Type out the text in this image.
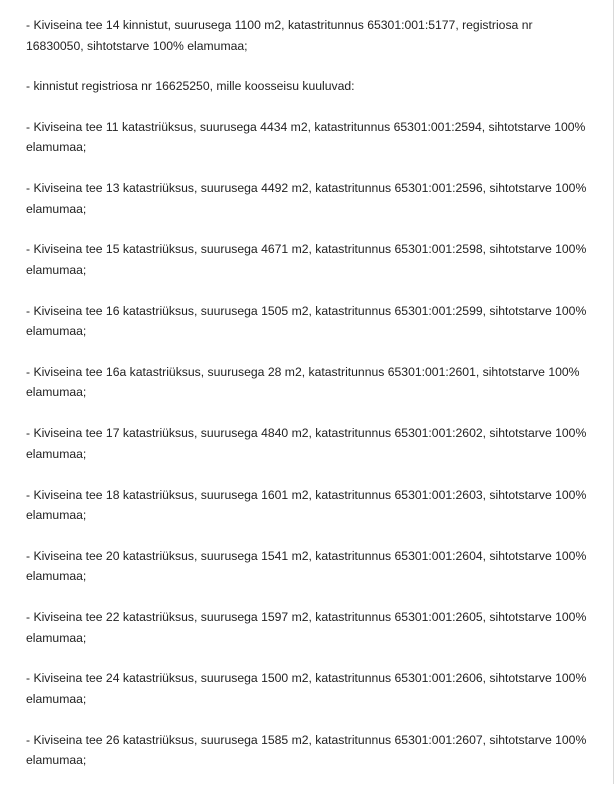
- Kiviseina tee 14 kinnistut, suurusega 1100 m2, katastritunnus 65301:001:5177, registriosa nr 16830050, sihtotstarve 100% elamumaa;
- kinnistut registriosa nr 16625250, mille koosseisu kuuluvad:
- Kiviseina tee 11 katastriüksus, suurusega 4434 m2, katastritunnus 65301:001:2594, sihtotstarve 100% elamumaa;
- Kiviseina tee 13 katastriüksus, suurusega 4492 m2, katastritunnus 65301:001:2596, sihtotstarve 100% elamumaa;
- Kiviseina tee 15 katastriüksus, suurusega 4671 m2, katastritunnus 65301:001:2598, sihtotstarve 100% elamumaa;
- Kiviseina tee 16 katastriüksus, suurusega 1505 m2, katastritunnus 65301:001:2599, sihtotstarve 100% elamumaa;
- Kiviseina tee 16a katastriüksus, suurusega 28 m2, katastritunnus 65301:001:2601, sihtotstarve 100% elamumaa;
- Kiviseina tee 17 katastriüksus, suurusega 4840 m2, katastritunnus 65301:001:2602, sihtotstarve 100% elamumaa;
- Kiviseina tee 18 katastriüksus, suurusega 1601 m2, katastritunnus 65301:001:2603, sihtotstarve 100% elamumaa;
- Kiviseina tee 20 katastriüksus, suurusega 1541 m2, katastritunnus 65301:001:2604, sihtotstarve 100% elamumaa;
- Kiviseina tee 22 katastriüksus, suurusega 1597 m2, katastritunnus 65301:001:2605, sihtotstarve 100% elamumaa;
- Kiviseina tee 24 katastriüksus, suurusega 1500 m2, katastritunnus 65301:001:2606, sihtotstarve 100% elamumaa;
- Kiviseina tee 26 katastriüksus, suurusega 1585 m2, katastritunnus 65301:001:2607, sihtotstarve 100% elamumaa;
